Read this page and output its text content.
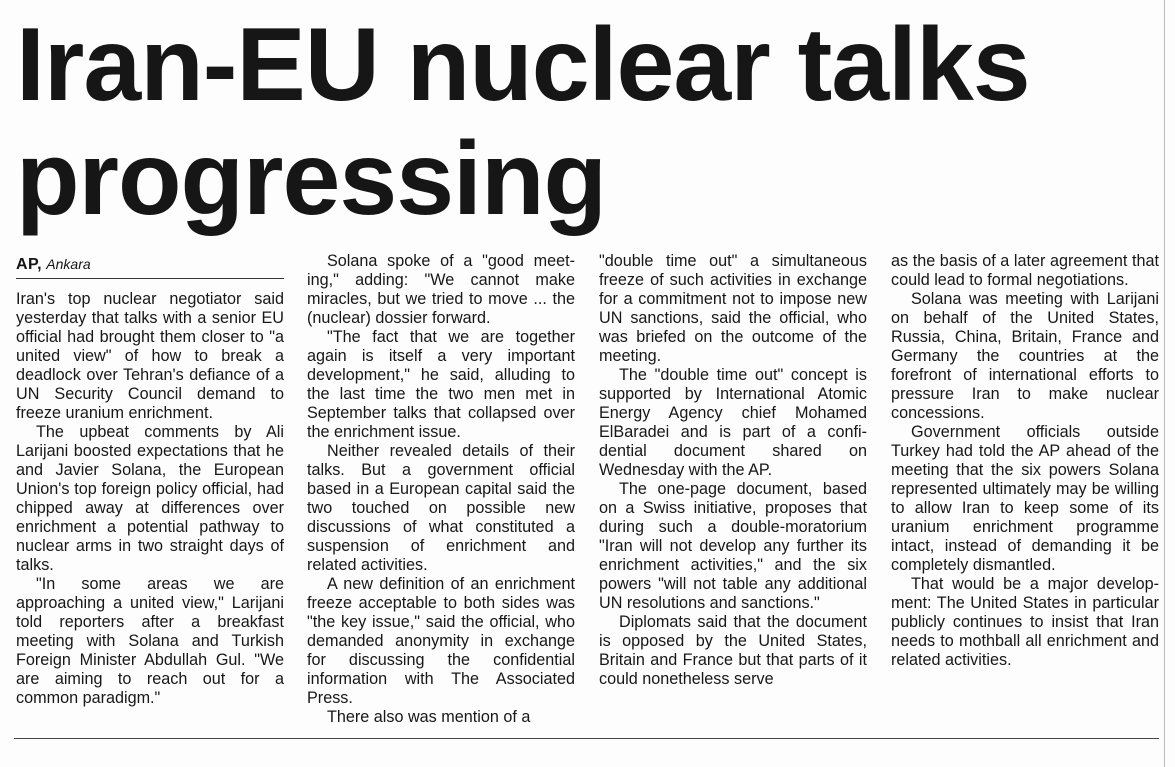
Iran-EU nuclear talks
progressing
AP, Ankara

Iran's top nuclear negotiator said yesterday that talks with a senior EU official had brought them closer to "a united view" of how to break a deadlock over Tehran's defiance of a UN Security Council demand to freeze uranium enrichment.

The upbeat comments by Ali Larijani boosted expectations that he and Javier Solana, the European Union's top foreign policy official, had chipped away at differences over enrichment a potential pathway to nuclear arms in two straight days of talks.

"In some areas we are approaching a united view," Larijani told reporters after a breakfast meeting with Solana and Turkish Foreign Minister Abdullah Gul. "We are aiming to reach out for a common paradigm."

Solana spoke of a "good meeting," adding: "We cannot make miracles, but we tried to move ... the (nuclear) dossier forward.

"The fact that we are together again is itself a very important development," he said, alluding to the last time the two men met in September talks that collapsed over the enrichment issue.

Neither revealed details of their talks. But a government official based in a European capital said the two touched on possible new discussions of what constituted a suspension of enrichment and related activities.

A new definition of an enrichment freeze acceptable to both sides was "the key issue," said the official, who demanded anonymity in exchange for discussing the confidential information with The Associated Press.

There also was mention of a

"double time out" a simultaneous freeze of such activities in exchange for a commitment not to impose new UN sanctions, said the official, who was briefed on the outcome of the meeting.

The "double time out" concept is supported by International Atomic Energy Agency chief Mohamed ElBaradei and is part of a confidential document shared on Wednesday with the AP.

The one-page document, based on a Swiss initiative, proposes that during such a double-moratorium "Iran will not develop any further its enrichment activities," and the six powers "will not table any additional UN resolutions and sanctions."

Diplomats said that the document is opposed by the United States, Britain and France but that parts of it could nonetheless serve

as the basis of a later agreement that could lead to formal negotiations.

Solana was meeting with Larijani on behalf of the United States, Russia, China, Britain, France and Germany the countries at the forefront of international efforts to pressure Iran to make nuclear concessions.

Government officials outside Turkey had told the AP ahead of the meeting that the six powers Solana represented ultimately may be willing to allow Iran to keep some of its uranium enrichment programme intact, instead of demanding it be completely dismantled.

That would be a major development: The United States in particular publicly continues to insist that Iran needs to mothball all enrichment and related activities.
